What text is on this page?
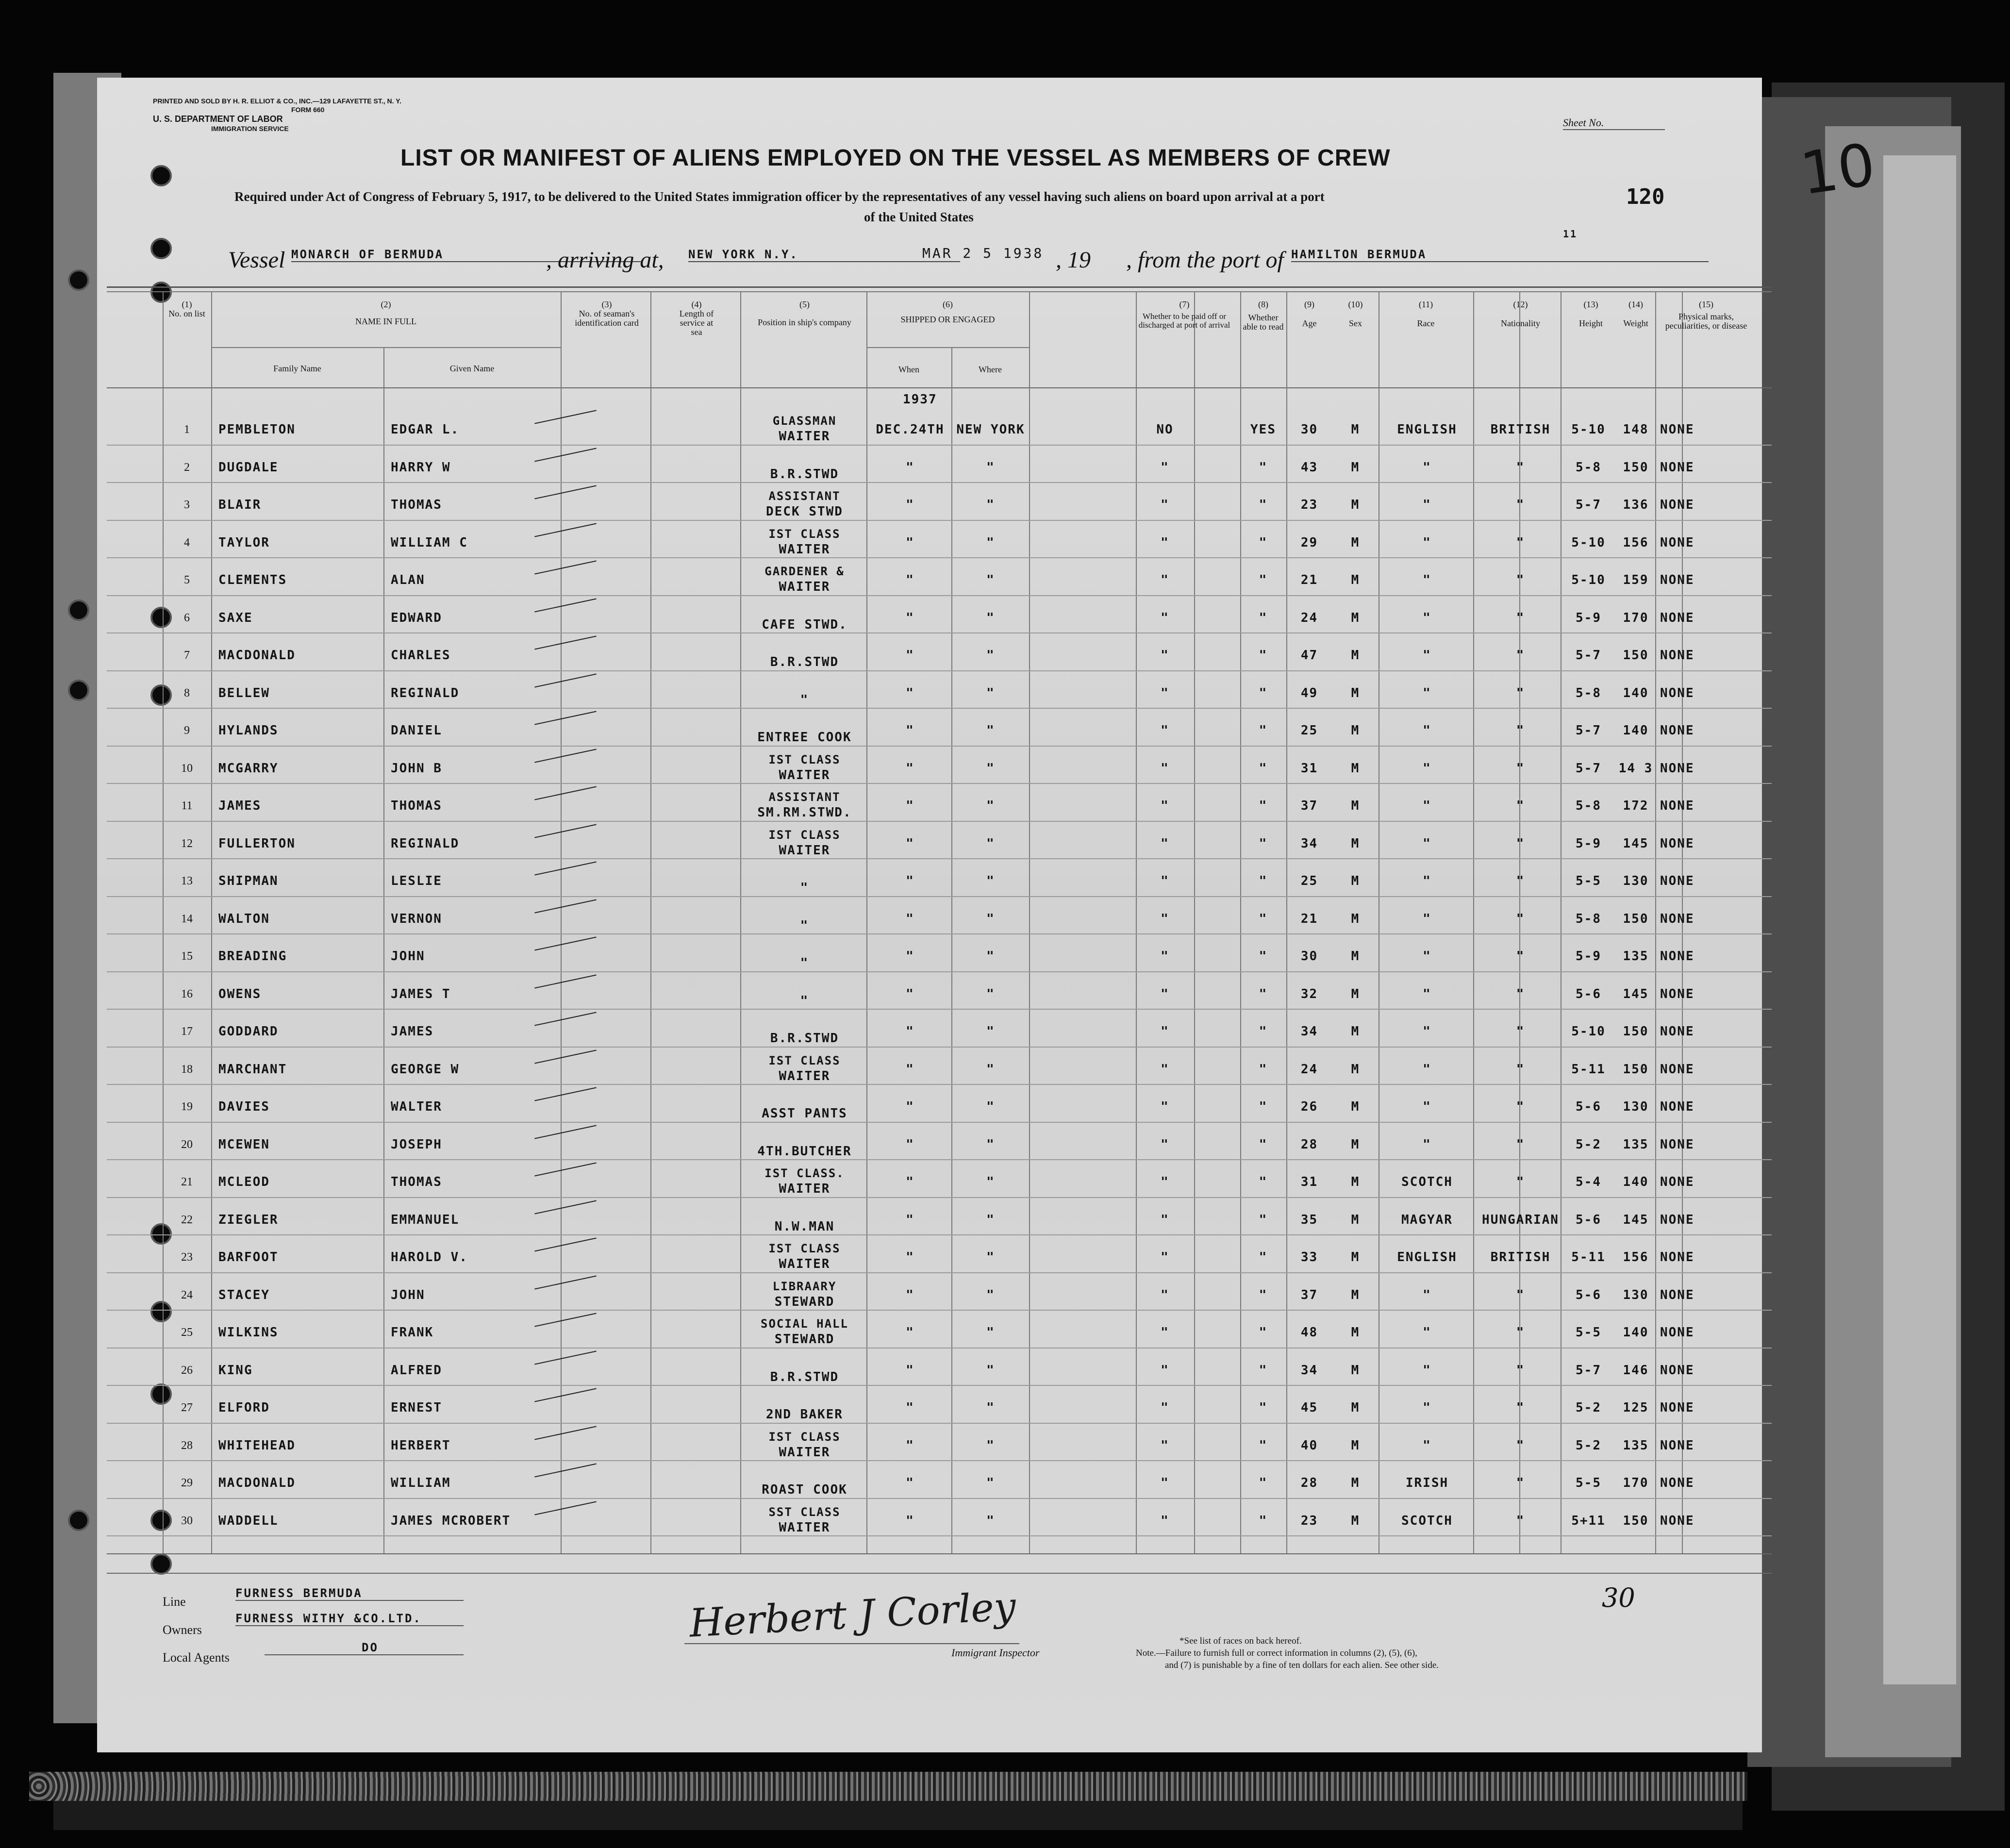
PRINTED AND SOLD BY H. R. ELLIOT & CO., INC.—129 LAFAYETTE ST., N. Y.
FORM 660
U. S. DEPARTMENT OF LABOR
IMMIGRATION SERVICE	Sheet No.
10
LIST OR MANIFEST OF ALIENS EMPLOYED ON THE VESSEL AS MEMBERS OF CREW
Required under Act of Congress of February 5, 1917, to be delivered to the United States immigration officer by the representatives of any vessel having such aliens on board upon arrival at a port
of the United States
120
11
Vessel MONARCH OF BERMUDA	, arriving at, NEW YORK N.Y.	MAR 2 5 1938 , 19 , from the port of HAMILTON BERMUDA
(1)
No. on list
(2)
NAME IN FULL
Family Name	Given Name
(3)
No. of seaman's identification card
(4)
Length of service at sea
(5)
Position in ship's company
(6)
SHIPPED OR ENGAGED
When	Where
(7)
Whether to be paid off or discharged at port of arrival
(8)
Whether able to read
(9)
Age
(10)
Sex
(11)
Race
(12)
Nationality
(13)
Height
(14)
Weight
(15)
Physical marks, peculiarities, or disease
1937
1	PEMBLETON	EDGAR L.
GLASSMAN
WAITER	DEC.24TH NEW YORK	NO	YES	30	M	ENGLISH	BRITISH	5-10	148 NONE
2	DUGDALE	HARRY W	B.R.STWD	"	"	"	"	43	M	"	"	5-8	150 NONE
3	BLAIR	THOMAS
ASSISTANT
DECK STWD	"	"	"	"	23	M	"	"	5-7	136 NONE
4	TAYLOR	WILLIAM C
IST CLASS
WAITER	"	"	"	"	29	M	"	"	5-10	156 NONE
5	CLEMENTS	ALAN
GARDENER &
WAITER	"	"	"	"	21	M	"	"	5-10	159 NONE
6	SAXE	EDWARD	CAFE STWD.	"	"	"	"	24	M	"	"	5-9	170 NONE
7	MACDONALD	CHARLES	B.R.STWD	"	"	"	"	47	M	"	"	5-7	150 NONE
8	BELLEW	REGINALD	"	"	"	"	"	49	M	"	"	5-8	140 NONE
9	HYLANDS	DANIEL	ENTREE COOK	"	"	"	"	25	M	"	"	5-7	140 NONE
10	MCGARRY	JOHN B
IST CLASS
WAITER	"	"	"	"	31	M	"	"	5-7	14 3 NONE
11	JAMES	THOMAS
ASSISTANT
SM.RM.STWD.	"	"	"	"	37	M	"	"	5-8	172 NONE
12	FULLERTON	REGINALD
IST CLASS
WAITER	"	"	"	"	34	M	"	"	5-9	145 NONE
13	SHIPMAN	LESLIE	"	"	"	"	"	25	M	"	"	5-5	130 NONE
14	WALTON	VERNON	"	"	"	"	"	21	M	"	"	5-8	150 NONE
15	BREADING	JOHN	"	"	"	"	"	30	M	"	"	5-9	135 NONE
16	OWENS	JAMES T	"	"	"	"	"	32	M	"	"	5-6	145 NONE
17	GODDARD	JAMES	B.R.STWD	"	"	"	"	34	M	"	"	5-10	150 NONE
18	MARCHANT	GEORGE W
IST CLASS
WAITER	"	"	"	"	24	M	"	"	5-11	150 NONE
19	DAVIES	WALTER	ASST PANTS	"	"	"	"	26	M	"	"	5-6	130 NONE
20	MCEWEN	JOSEPH	4TH.BUTCHER	"	"	"	"	28	M	"	"	5-2	135 NONE
21	MCLEOD	THOMAS
IST CLASS.
WAITER	"	"	"	"	31	M	SCOTCH	"	5-4	140 NONE
22	ZIEGLER	EMMANUEL	N.W.MAN	"	"	"	"	35	M	MAGYAR	HUNGARIAN	5-6	145 NONE
23	BARFOOT	HAROLD V.
IST CLASS
WAITER	"	"	"	"	33	M	ENGLISH	BRITISH	5-11	156 NONE
24	STACEY	JOHN
LIBRAARY
STEWARD	"	"	"	"	37	M	"	"	5-6	130 NONE
25	WILKINS	FRANK
SOCIAL HALL
STEWARD	"	"	"	"	48	M	"	"	5-5	140 NONE
26	KING	ALFRED	B.R.STWD	"	"	"	"	34	M	"	"	5-7	146 NONE
27	ELFORD	ERNEST	2ND BAKER	"	"	"	"	45	M	"	"	5-2	125 NONE
28	WHITEHEAD	HERBERT
IST CLASS
WAITER	"	"	"	"	40	M	"	"	5-2	135 NONE
29	MACDONALD	WILLIAM	ROAST COOK	"	"	"	"	28	M	IRISH	"	5-5	170 NONE
30	WADDELL	JAMES MCROBERT
SST CLASS
WAITER	"	"	"	"	23	M	SCOTCH	"	5+11	150 NONE
Line
FURNESS BERMUDA
Owners
FURNESS WITHY &CO.LTD.
Local Agents
DO
Herbert J Corley
Immigrant Inspector
30
*See list of races on back hereof.
Note.—Failure to furnish full or correct information in columns (2), (5), (6),
and (7) is punishable by a fine of ten dollars for each alien. See other side.
